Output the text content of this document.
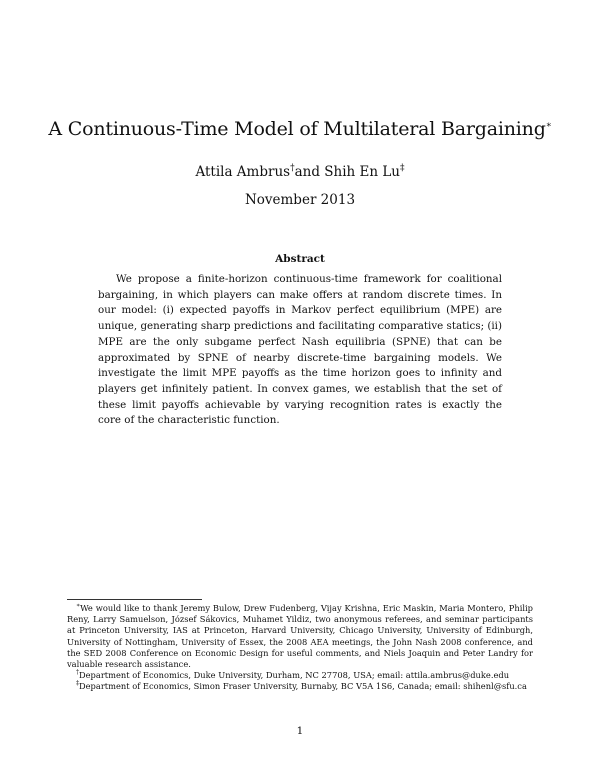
A Continuous-Time Model of Multilateral Bargaining∗
Attila Ambrus†and Shih En Lu‡
November 2013
Abstract

We propose a finite-horizon continuous-time framework for coalitional bargaining, in which players can make offers at random discrete times. In our model: (i) expected payoffs in Markov perfect equilibrium (MPE) are unique, generating sharp predictions and facilitating comparative statics; (ii) MPE are the only subgame perfect Nash equilibria (SPNE) that can be approximated by SPNE of nearby discrete-time bargaining models. We investigate the limit MPE payoffs as the time horizon goes to infinity and players get infinitely patient. In convex games, we establish that the set of these limit payoffs achievable by varying recognition rates is exactly the core of the characteristic function.

∗We would like to thank Jeremy Bulow, Drew Fudenberg, Vijay Krishna, Eric Maskin, Maria Montero, Philip Reny, Larry Samuelson, József Sákovics, Muhamet Yildiz, two anonymous referees, and seminar participants at Princeton University, IAS at Princeton, Harvard University, Chicago University, University of Edinburgh, University of Nottingham, University of Essex, the 2008 AEA meetings, the John Nash 2008 conference, and the SED 2008 Conference on Economic Design for useful comments, and Niels Joaquin and Peter Landry for valuable research assistance.

†Department of Economics, Duke University, Durham, NC 27708, USA; email: attila.ambrus@duke.edu

‡Department of Economics, Simon Fraser University, Burnaby, BC V5A 1S6, Canada; email: shihenl@sfu.ca

1
